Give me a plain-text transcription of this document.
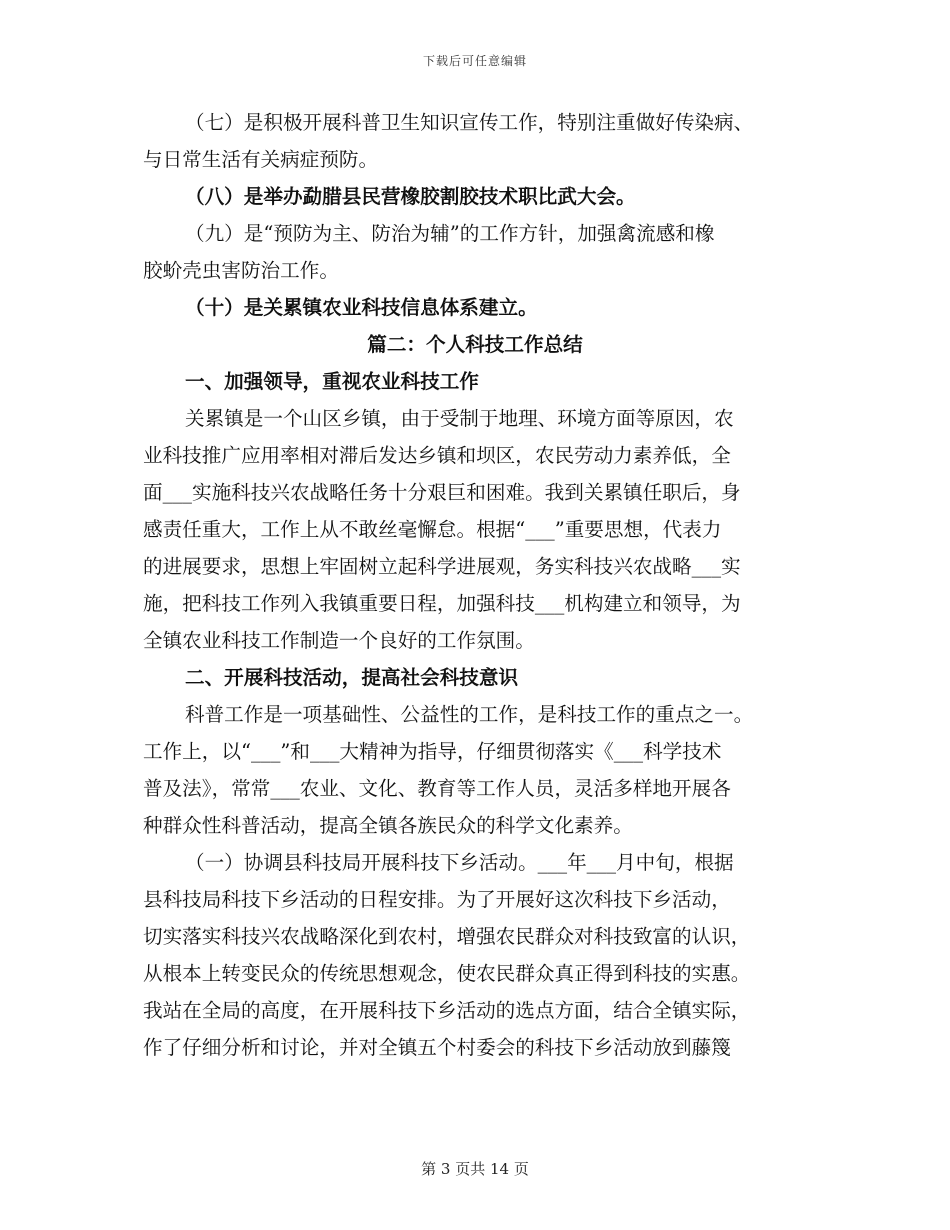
下载后可任意编辑
（七）是积极开展科普卫生知识宣传工作，特别注重做好传染病、
与日常生活有关病症预防。
（八）是举办勐腊县民营橡胶割胶技术职比武大会。
（九）是“预防为主、防治为辅”的工作方针，加强禽流感和橡
胶蚧壳虫害防治工作。
（十）是关累镇农业科技信息体系建立。
篇二：个人科技工作总结
一、加强领导，重视农业科技工作
关累镇是一个山区乡镇，由于受制于地理、环境方面等原因，农
业科技推广应用率相对滞后发达乡镇和坝区，农民劳动力素养低，全
面___实施科技兴农战略任务十分艰巨和困难。我到关累镇任职后，身
感责任重大，工作上从不敢丝毫懈怠。根据“___”重要思想，代表力
的进展要求，思想上牢固树立起科学进展观，务实科技兴农战略___实
施，把科技工作列入我镇重要日程，加强科技___机构建立和领导，为
全镇农业科技工作制造一个良好的工作氛围。
二、开展科技活动，提高社会科技意识
科普工作是一项基础性、公益性的工作，是科技工作的重点之一。
工作上，以“___”和___大精神为指导，仔细贯彻落实《___科学技术
普及法》，常常___农业、文化、教育等工作人员，灵活多样地开展各
种群众性科普活动，提高全镇各族民众的科学文化素养。
（一）协调县科技局开展科技下乡活动。___年___月中旬，根据
县科技局科技下乡活动的日程安排。为了开展好这次科技下乡活动，
切实落实科技兴农战略深化到农村，增强农民群众对科技致富的认识，
从根本上转变民众的传统思想观念，使农民群众真正得到科技的实惠。
我站在全局的高度，在开展科技下乡活动的选点方面，结合全镇实际，
作了仔细分析和讨论，并对全镇五个村委会的科技下乡活动放到藤篾
第 3 页共 14 页
